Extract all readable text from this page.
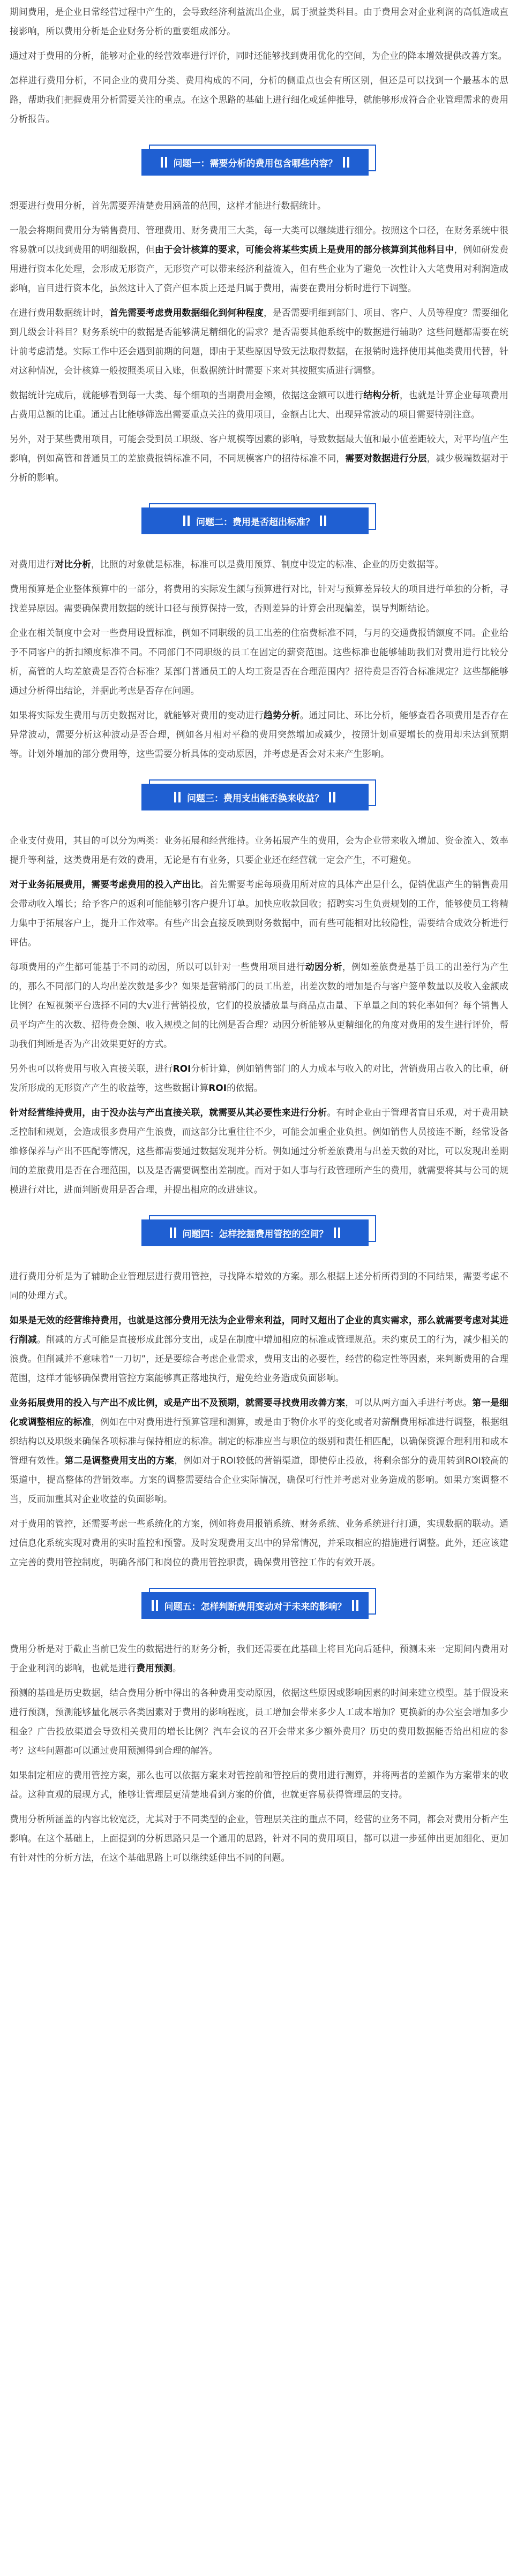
期间费用，是企业日常经营过程中产生的，会导致经济利益流出企业，属于损益类科目。由于费用会对企业利润的高低造成直接影响，所以费用分析是企业财务分析的重要组成部分。

通过对于费用的分析，能够对企业的经营效率进行评价，同时还能够找到费用优化的空间，为企业的降本增效提供改善方案。

怎样进行费用分析，不同企业的费用分类、费用构成的不同，分析的侧重点也会有所区别，但还是可以找到一个最基本的思路，帮助我们把握费用分析需要关注的重点。在这个思路的基础上进行细化或延伸推导，就能够形成符合企业管理需求的费用分析报告。

问题一：需要分析的费用包含哪些内容？

想要进行费用分析，首先需要弄清楚费用涵盖的范围，这样才能进行数据统计。

一般会将期间费用分为销售费用、管理费用、财务费用三大类，每一大类可以继续进行细分。按照这个口径，在财务系统中很容易就可以找到费用的明细数据，但由于会计核算的要求，可能会将某些实质上是费用的部分核算到其他科目中，例如研发费用进行资本化处理，会形成无形资产，无形资产可以带来经济利益流入，但有些企业为了避免一次性计入大笔费用对利润造成影响，盲目进行资本化，虽然这计入了资产但本质上还是归属于费用，需要在费用分析时进行下调整。

在进行费用数据统计时，首先需要考虑费用数据细化到何种程度，是否需要明细到部门、项目、客户、人员等程度？需要细化到几级会计科目？财务系统中的数据是否能够满足精细化的需求？是否需要其他系统中的数据进行辅助？这些问题都需要在统计前考虑清楚。实际工作中还会遇到前期的问题，即由于某些原因导致无法取得数据，在报销时选择使用其他类费用代替，针对这种情况，会计核算一般按照类项目入账，但数据统计时需要下来对其按照实质进行调整。

数据统计完成后，就能够看到每一大类、每个细项的当期费用金额，依据这金额可以进行结构分析，也就是计算企业每项费用占费用总额的比重。通过占比能够筛选出需要重点关注的费用项目，金额占比大、出现异常波动的项目需要特别注意。

另外，对于某些费用项目，可能会受到员工职级、客户规模等因素的影响，导致数据最大值和最小值差距较大，对平均值产生影响，例如高管和普通员工的差旅费报销标准不同，不同规模客户的招待标准不同，需要对数据进行分层，减少极端数据对于分析的影响。

问题二：费用是否超出标准？

对费用进行对比分析，比照的对象就是标准，标准可以是费用预算、制度中设定的标准、企业的历史数据等。

费用预算是企业整体预算中的一部分，将费用的实际发生额与预算进行对比，针对与预算差异较大的项目进行单独的分析，寻找差异原因。需要确保费用数据的统计口径与预算保持一致，否则差异的计算会出现偏差，误导判断结论。

企业在相关制度中会对一些费用设置标准，例如不同职级的员工出差的住宿费标准不同，与月的交通费报销额度不同。企业给予不同客户的折扣额度标准不同。不同部门不同职级的员工在固定的薪资范围。这些标准也能够辅助我们对费用进行比较分析，高管的人均差旅费是否符合标准？某部门普通员工的人均工资是否在合理范围内？招待费是否符合标准规定？这些都能够通过分析得出结论，并据此考虑是否存在问题。

如果将实际发生费用与历史数据对比，就能够对费用的变动进行趋势分析。通过同比、环比分析，能够查看各项费用是否存在异常波动，需要分析这种波动是否合理，例如各月相对平稳的费用突然增加或减少，按照计划重要增长的费用却未达到预期等。计划外增加的部分费用等，这些需要分析具体的变动原因，并考虑是否会对未来产生影响。

问题三：费用支出能否换来收益？

企业支付费用，其目的可以分为两类：业务拓展和经营维持。业务拓展产生的费用，会为企业带来收入增加、资金流入、效率提升等利益，这类费用是有效的费用，无论是有有业务，只要企业还在经营就一定会产生，不可避免。

对于业务拓展费用，需要考虑费用的投入产出比。首先需要考虑每项费用所对应的具体产出是什么，促销优惠产生的销售费用会带动收入增长；给予客户的返利可能能够引客户提升订单。加快应收款回收；招聘实习生负责规划的工作，能够使员工将精力集中于拓展客户上，提升工作效率。有些产出会直接反映到财务数据中，而有些可能相对比较隐性，需要结合成效分析进行评估。

每项费用的产生都可能基于不同的动因，所以可以针对一些费用项目进行动因分析，例如差旅费是基于员工的出差行为产生的，那么不同部门的人均出差次数是多少？如果是营销部门的员工出差，出差次数的增加是否与客户签单数量以及收入金额成比例？在短视频平台选择不同的大v进行营销投放，它们的投放播放量与商品点击量、下单量之间的转化率如何？每个销售人员平均产生的次数、招待费金额、收入规模之间的比例是否合理？动因分析能够从更精细化的角度对费用的发生进行评价，帮助我们判断是否为产出效果更好的方式。

另外也可以将费用与收入直接关联，进行ROI分析计算，例如销售部门的人力成本与收入的对比，营销费用占收入的比重，研发所形成的无形资产产生的收益等，这些数据计算ROI的依据。

针对经营维持费用，由于没办法与产出直接关联，就需要从其必要性来进行分析。有时企业由于管理者盲目乐观，对于费用缺乏控制和规划，会造成很多费用产生浪费，而这部分比重往往不少，可能会加重企业负担。例如销售人员接连不断，经常设备维修保养与产出不匹配等情况，这些都需要通过数据发现并分析。例如通过分析差旅费用与出差天数的对比，可以发现出差期间的差旅费用是否在合理范围，以及是否需要调整出差制度。而对于如人事与行政管理所产生的费用，就需要将其与公司的规模进行对比，进而判断费用是否合理，并提出相应的改进建议。

问题四：怎样挖掘费用管控的空间？

进行费用分析是为了辅助企业管理层进行费用管控，寻找降本增效的方案。那么根据上述分析所得到的不同结果，需要考虑不同的处理方式。

如果是无效的经营维持费用，也就是这部分费用无法为企业带来利益，同时又超出了企业的真实需求，那么就需要考虑对其进行削减。削减的方式可能是直接形成此部分支出，或是在制度中增加相应的标准或管理规范。未约束员工的行为，减少相关的浪费。但削减并不意味着“一刀切”，还是要综合考虑企业需求，费用支出的必要性，经营的稳定性等因素，来判断费用的合理范围，这样才能够确保费用管控方案能够真正落地执行，避免给业务造成负面影响。

业务拓展费用的投入与产出不成比例，或是产出不及预期，就需要寻找费用改善方案，可以从两方面入手进行考虑。第一是细化或调整相应的标准，例如在中对费用进行预算管理和测算，或是由于物价水平的变化或者对薪酬费用标准进行调整，根据组织结构以及职级来确保各项标准与保持相应的标准。制定的标准应当与职位的级别和责任相匹配，以确保资源合理利用和成本管理有效性。第二是调整费用支出的方案，例如对于ROI较低的营销渠道，即使停止投放，将剩余部分的费用转到ROI较高的渠道中，提高整体的营销效率。方案的调整需要结合企业实际情况，确保可行性并考虑对业务造成的影响。如果方案调整不当，反而加重其对企业收益的负面影响。

对于费用的管控，还需要考虑一些系统化的方案，例如将费用报销系统、财务系统、业务系统进行打通，实现数据的联动。通过信息化系统实现对费用的实时监控和预警。及时发现费用支出中的异常情况，并采取相应的措施进行调整。此外，还应该建立完善的费用管控制度，明确各部门和岗位的费用管控职责，确保费用管控工作的有效开展。

问题五：怎样判断费用变动对于未来的影响？

费用分析是对于截止当前已发生的数据进行的财务分析，我们还需要在此基础上将目光向后延伸，预测未来一定期间内费用对于企业利润的影响，也就是进行费用预测。

预测的基础是历史数据，结合费用分析中得出的各种费用变动原因，依据这些原因或影响因素的时间来建立模型。基于假设来进行预测，预测能够量化展示各类因素对于费用的影响程度，员工增加会带来多少人工成本增加？更换新的办公室会增加多少租金？广告投放渠道会导致相关费用的增长比例？汽车会议的召开会带来多少额外费用？历史的费用数据能否给出相应的参考？这些问题都可以通过费用预测得到合理的解答。

如果制定相应的费用管控方案，那么也可以依据方案来对管控前和管控后的费用进行测算，并将两者的差额作为方案带来的收益。这种直观的展现方式，能够让管理层更清楚地看到方案的价值，也就更容易获得管理层的支持。

费用分析所涵盖的内容比较宽泛，尤其对于不同类型的企业，管理层关注的重点不同，经营的业务不同，都会对费用分析产生影响。在这个基础上，上面提到的分析思路只是一个通用的思路，针对不同的费用项目，都可以进一步延伸出更加细化、更加有针对性的分析方法，在这个基础思路上可以继续延伸出不同的问题。
